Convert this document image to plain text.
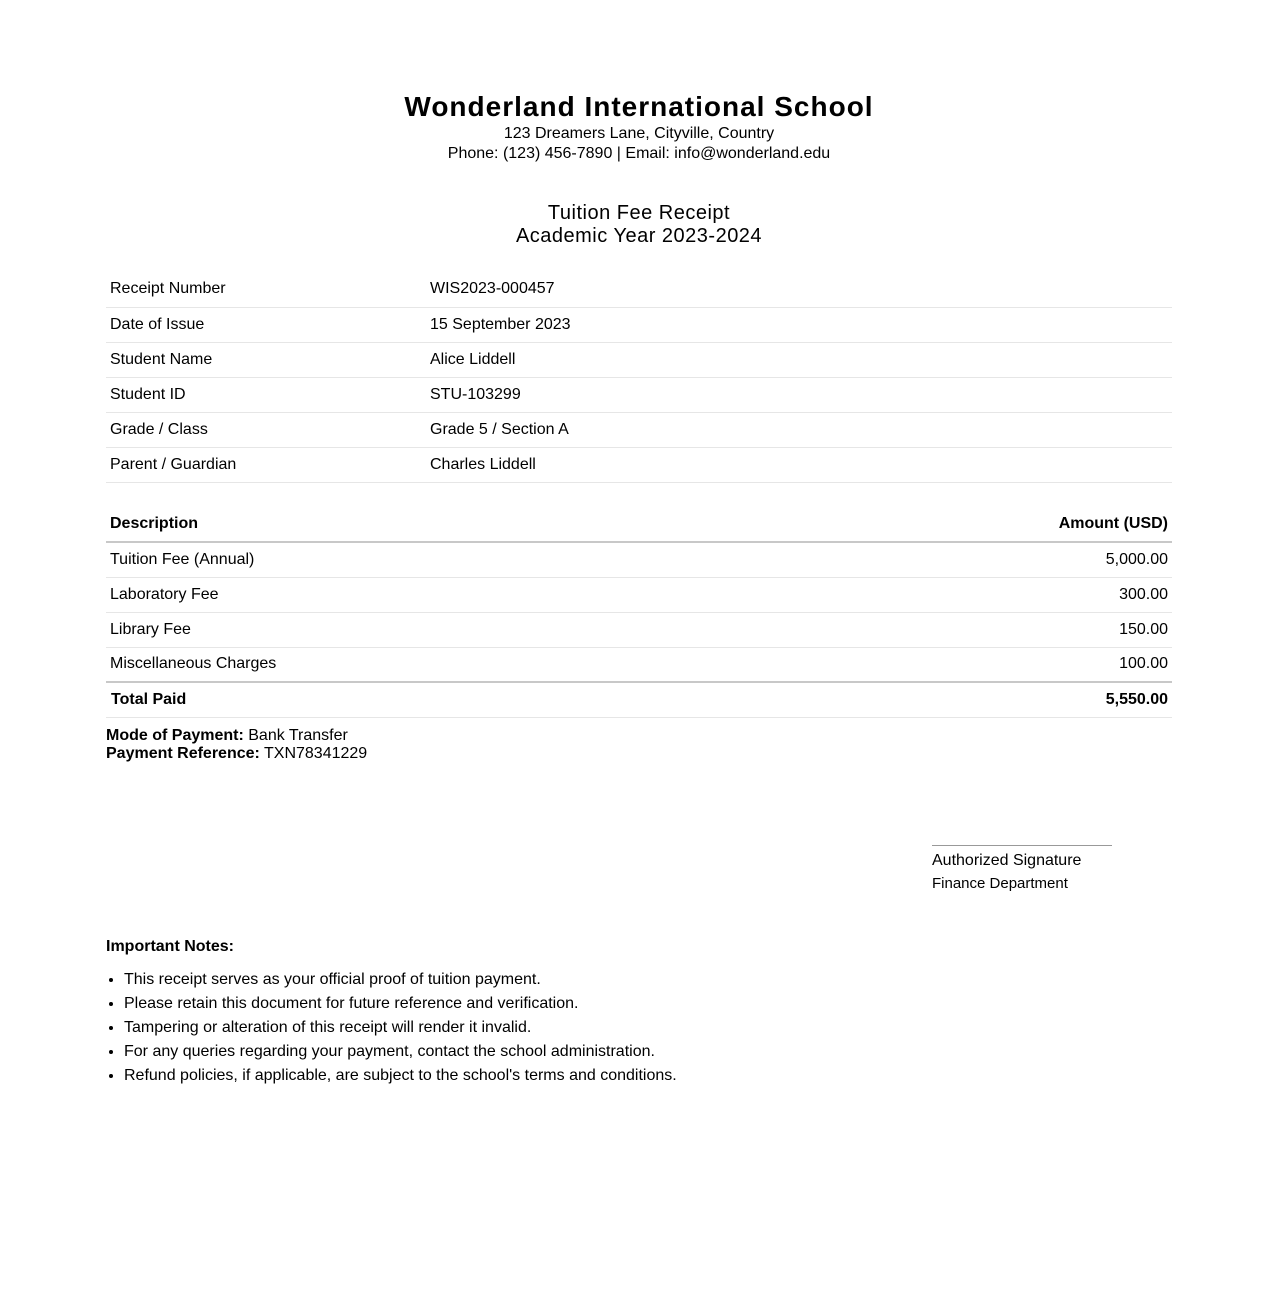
Wonderland International School
123 Dreamers Lane, Cityville, Country
Phone: (123) 456-7890 | Email: info@wonderland.edu
Tuition Fee Receipt
Academic Year 2023-2024
Receipt Number	WIS2023-000457
Date of Issue	15 September 2023
Student Name	Alice Liddell
Student ID	STU-103299
Grade / Class	Grade 5 / Section A
Parent / Guardian	Charles Liddell
Description	Amount (USD)
Tuition Fee (Annual)	5,000.00
Laboratory Fee	300.00
Library Fee	150.00
Miscellaneous Charges	100.00
Total Paid	5,550.00
Mode of Payment: Bank Transfer
Payment Reference: TXN78341229
Authorized Signature
Finance Department
Important Notes:
• This receipt serves as your official proof of tuition payment.
• Please retain this document for future reference and verification.
• Tampering or alteration of this receipt will render it invalid.
• For any queries regarding your payment, contact the school administration.
• Refund policies, if applicable, are subject to the school's terms and conditions.
